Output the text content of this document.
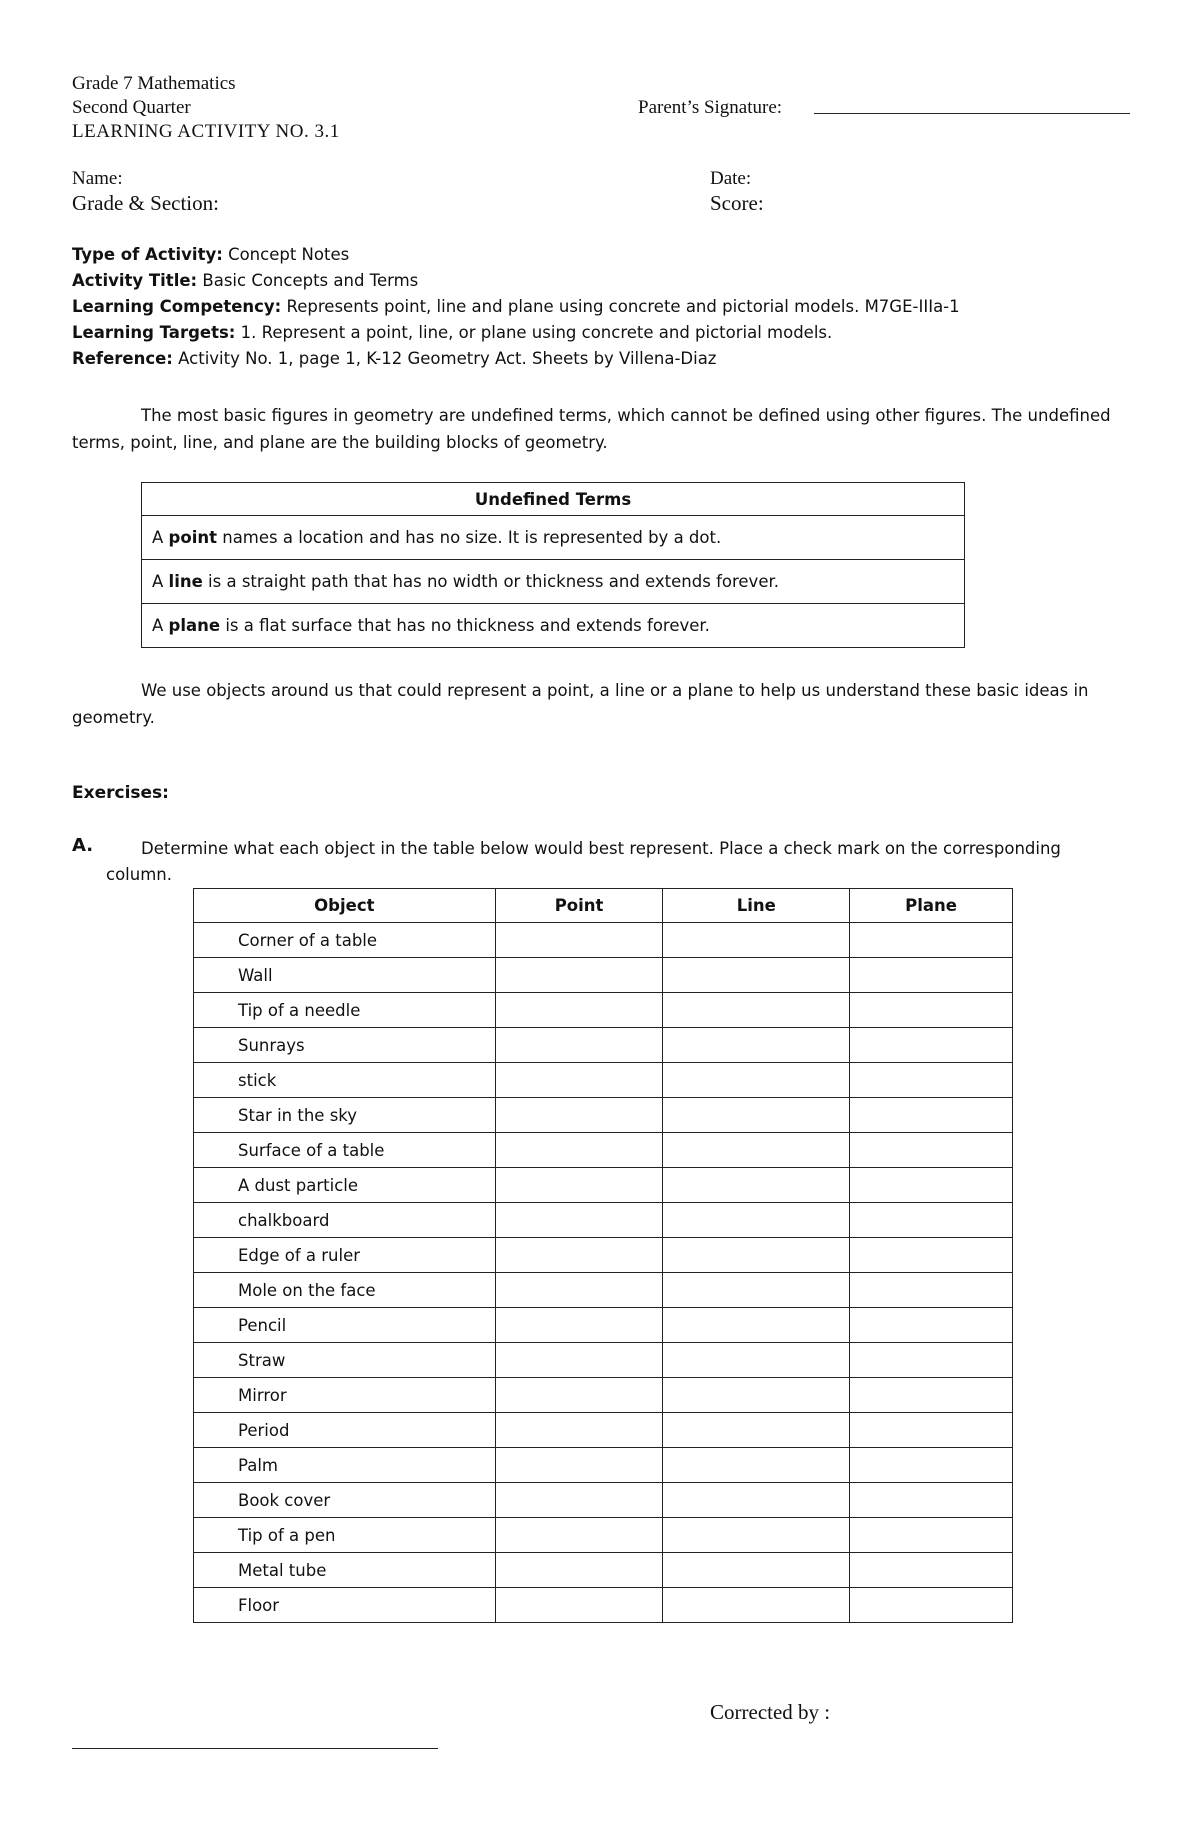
Grade 7 Mathematics
Second Quarter
LEARNING ACTIVITY NO. 3.1
Parent’s Signature:
Name:
Grade & Section:
Date:
Score:
Type of Activity: Concept Notes
Activity Title: Basic Concepts and Terms
Learning Competency: Represents point, line and plane using concrete and pictorial models. M7GE-IIIa-1
Learning Targets: 1. Represent a point, line, or plane using concrete and pictorial models.
Reference: Activity No. 1, page 1, K-12 Geometry Act. Sheets by Villena-Diaz
The most basic figures in geometry are undefined terms, which cannot be defined using other figures. The undefined terms, point, line, and plane are the building blocks of geometry.
Undefined Terms
A point names a location and has no size. It is represented by a dot.
A line is a straight path that has no width or thickness and extends forever.
A plane is a flat surface that has no thickness and extends forever.
We use objects around us that could represent a point, a line or a plane to help us understand these basic ideas in geometry.
Exercises:
A.	Determine what each object in the table below would best represent. Place a check mark on the corresponding column.
Object	Point	Line	Plane
Corner of a table			
Wall			
Tip of a needle			
Sunrays			
stick			
Star in the sky			
Surface of a table			
A dust particle			
chalkboard			
Edge of a ruler			
Mole on the face			
Pencil			
Straw			
Mirror			
Period			
Palm			
Book cover			
Tip of a pen			
Metal tube			
Floor			
Corrected by :
